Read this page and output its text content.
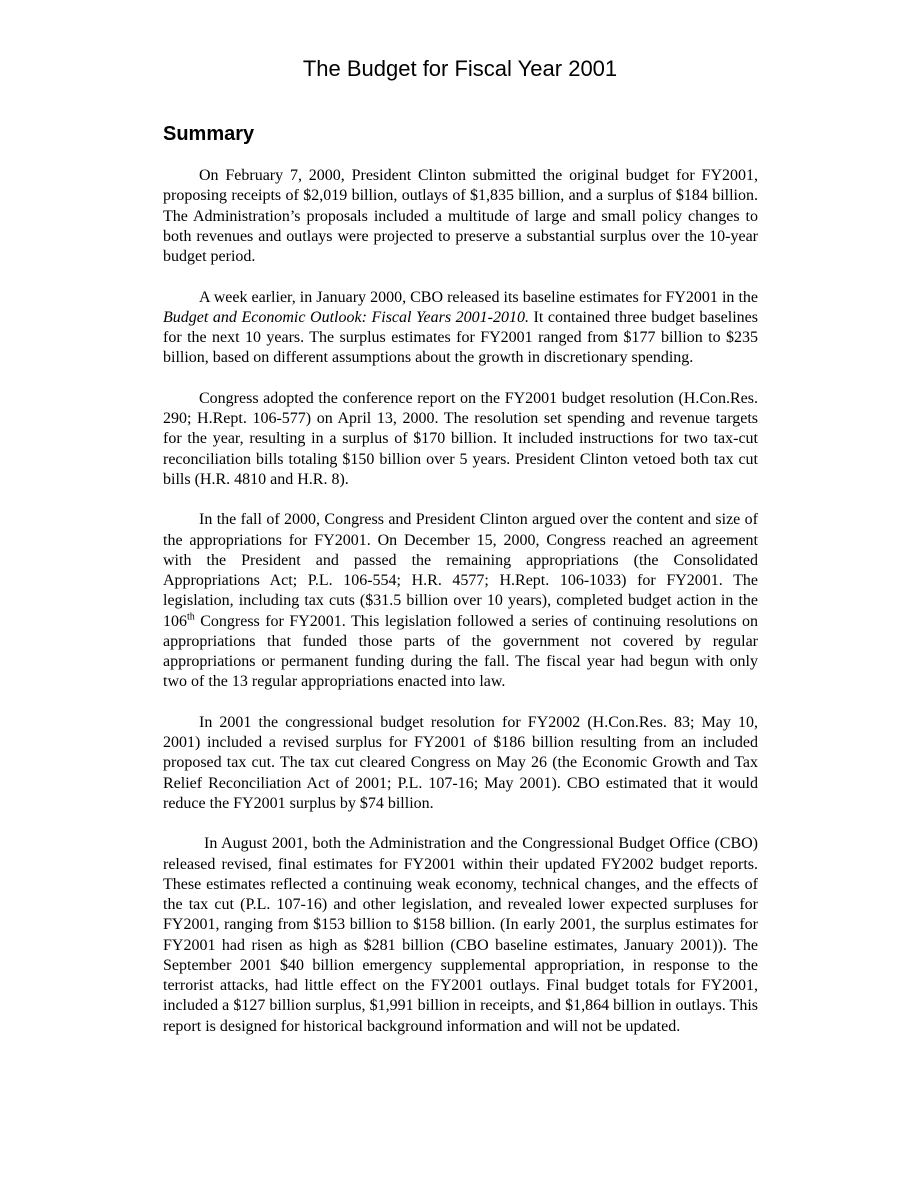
The Budget for Fiscal Year 2001
Summary

On February 7, 2000, President Clinton submitted the original budget for FY2001, proposing receipts of $2,019 billion, outlays of $1,835 billion, and a surplus of $184 billion. The Administration’s proposals included a multitude of large and small policy changes to both revenues and outlays were projected to preserve a substantial surplus over the 10-year budget period.

A week earlier, in January 2000, CBO released its baseline estimates for FY2001 in the Budget and Economic Outlook: Fiscal Years 2001-2010. It contained three budget baselines for the next 10 years. The surplus estimates for FY2001 ranged from $177 billion to $235 billion, based on different assumptions about the growth in discretionary spending.

Congress adopted the conference report on the FY2001 budget resolution (H.Con.Res. 290; H.Rept. 106-577) on April 13, 2000. The resolution set spending and revenue targets for the year, resulting in a surplus of $170 billion. It included instructions for two tax-cut reconciliation bills totaling $150 billion over 5 years. President Clinton vetoed both tax cut bills (H.R. 4810 and H.R. 8).

In the fall of 2000, Congress and President Clinton argued over the content and size of the appropriations for FY2001. On December 15, 2000, Congress reached an agreement with the President and passed the remaining appropriations (the Consolidated Appropriations Act; P.L. 106-554; H.R. 4577; H.Rept. 106-1033) for FY2001. The legislation, including tax cuts ($31.5 billion over 10 years), completed budget action in the 106th Congress for FY2001. This legislation followed a series of continuing resolutions on appropriations that funded those parts of the government not covered by regular appropriations or permanent funding during the fall. The fiscal year had begun with only two of the 13 regular appropriations enacted into law.

In 2001 the congressional budget resolution for FY2002 (H.Con.Res. 83; May 10, 2001) included a revised surplus for FY2001 of $186 billion resulting from an included proposed tax cut. The tax cut cleared Congress on May 26 (the Economic Growth and Tax Relief Reconciliation Act of 2001; P.L. 107-16; May 2001). CBO estimated that it would reduce the FY2001 surplus by $74 billion.

In August 2001, both the Administration and the Congressional Budget Office (CBO) released revised, final estimates for FY2001 within their updated FY2002 budget reports. These estimates reflected a continuing weak economy, technical changes, and the effects of the tax cut (P.L. 107-16) and other legislation, and revealed lower expected surpluses for FY2001, ranging from $153 billion to $158 billion. (In early 2001, the surplus estimates for FY2001 had risen as high as $281 billion (CBO baseline estimates, January 2001)). The September 2001 $40 billion emergency supplemental appropriation, in response to the terrorist attacks, had little effect on the FY2001 outlays. Final budget totals for FY2001, included a $127 billion surplus, $1,991 billion in receipts, and $1,864 billion in outlays. This report is designed for historical background information and will not be updated.
